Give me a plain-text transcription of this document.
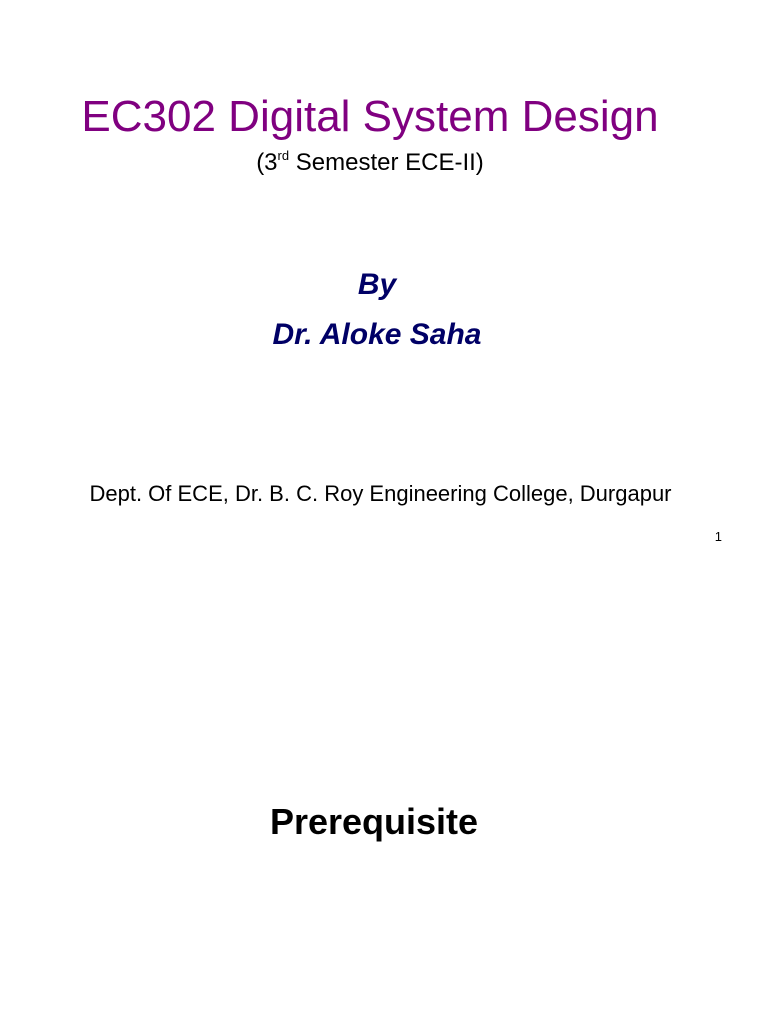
EC302 Digital System Design
(3rd Semester ECE-II)
By
Dr. Aloke Saha
Dept. Of ECE, Dr. B. C. Roy Engineering College, Durgapur
1
Prerequisite
